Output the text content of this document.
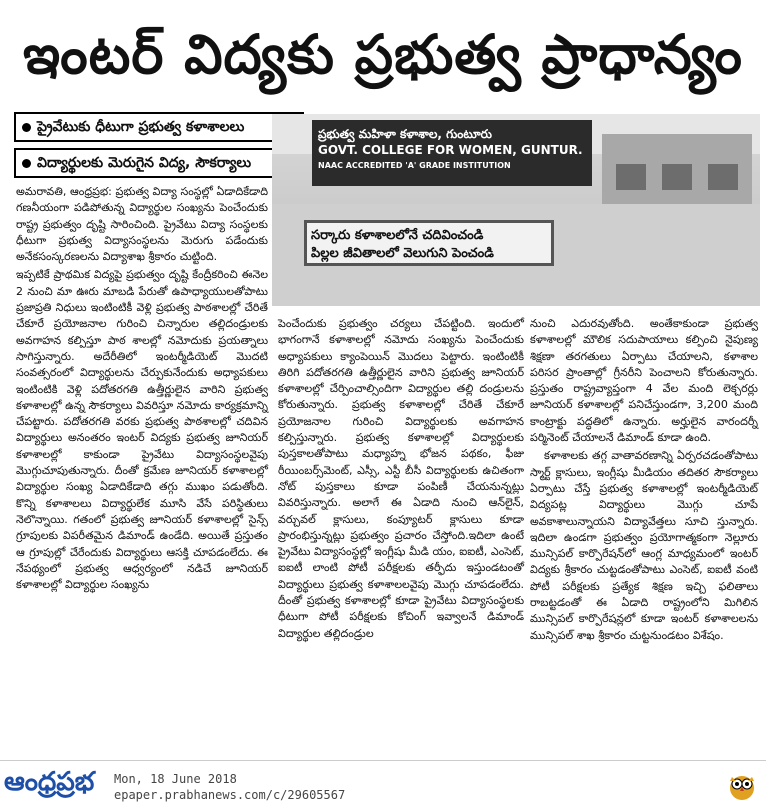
ఇంటర్ విద్యకు ప్రభుత్వ ప్రాధాన్యం
ప్రైవేటుకు ధీటుగా ప్రభుత్వ కళాశాలలు
విద్యార్థులకు మెరుగైన విద్య, సౌకర్యాలు
ప్రభుత్వ మహిళా కళాశాల, గుంటూరు
GOVT. COLLEGE FOR WOMEN, GUNTUR.
NAAC ACCREDITED 'A' GRADE INSTITUTION
సర్కారు కళాశాలలోనే చదివించండి
పిల్లల జీవితాలలో వెలుగుని పెంచండి

అమరావతి, ఆంధ్రప్రభ: ప్రభుత్వ విద్యా సంస్థల్లో ఏడాదికేడాది గణనీయంగా పడిపోతున్న విద్యార్థుల సంఖ్యను పెంచేందుకు రాష్ట్ర ప్రభుత్వం దృష్టి సారించింది. ప్రైవేటు విద్యా సంస్థలకు ధీటుగా ప్రభుత్వ విద్యాసంస్థలను మెరుగు పడేందుకు అనేకసంస్కరణలను విద్యాశాఖ శ్రీకారం చుట్టింది.

ఇప్పటికే ప్రాథమిక విద్యపై ప్రభుత్వం దృష్టి కేంద్రీకరించి ఈనెల 2 నుంచి మా ఊరు మాబడి పేరుతో ఉపాధ్యాయులతోపాటు ప్రజాప్రతి నిధులు ఇంటింటికీ వెళ్లి ప్రభుత్వ పాఠశాలల్లో చేరితే చేకూరే ప్రయోజనాల గురించి చిన్నారుల తల్లిదండ్రులకు అవగాహన కల్పిస్తూ పాఠ శాలల్లో నమోదుకు ప్రయత్నాలు సాగిస్తున్నారు. అదేరీతిలో ఇంటర్మీడియెట్ మొదటి సంవత్సరంలో విద్యార్థులను చేర్పుకునేందుకు అధ్యాపకులు ఇంటింటికి వెళ్లి పదోతరగతి ఉత్తీర్ణులైన వారిని ప్రభుత్వ కళాశాలల్లో ఉన్న సౌకర్యాలు వివరిస్తూ నమోదు కార్యక్రమాన్ని చేపట్టారు. పదోతరగతి వరకు ప్రభుత్వ పాఠశాలల్లో చదివిన విద్యార్థులు అనంతరం ఇంటర్ విద్యకు ప్రభుత్వ జూనియర్ కళాశాలల్లో కాకుండా ప్రైవేటు విద్యాసంస్థలవైపు మొగ్గుచూపుతున్నారు. దీంతో క్రమేణ జూనియర్ కళాశాలల్లో విద్యార్థుల సంఖ్య ఏడాదికేడాది తగ్గు ముఖం పడుతోంది. కొన్ని కళాశాలలు విద్యార్థులేక మూసి వేసే పరిస్థితులు నెలొన్నాయి. గతంలో ప్రభుత్వ జూనియర్ కళాశాలల్లో సైన్స్ గ్రూపులకు విపరీతమైన డిమాండ్ ఉండేది. అయితే ప్రస్తుతం ఆ గ్రూపుల్లో చేరేందుకు విద్యార్థులు ఆసక్తి చూపడంలేదు. ఈ నేపథ్యంలో ప్రభుత్వ ఆధ్వర్యంలో నడిచే జూనియర్ కళాశాలల్లో విద్యార్థుల సంఖ్యను

పెంచేందుకు ప్రభుత్వం చర్యలు చేపట్టింది. ఇందులో భాగంగానే కళాశాలల్లో నమోదు సంఖ్యను పెంచేందుకు అధ్యాపకులు క్యాంపెయిన్ మొదలు పెట్టారు. ఇంటింటికీ తిరిగి పదోతరగతి ఉత్తీర్ణులైన వారిని ప్రభుత్వ జూనియర్ కళాశాలల్లో చేర్పించాల్సిందిగా విద్యార్థుల తల్లి దండ్రులను కోరుతున్నారు. ప్రభుత్వ కళాశాలల్లో చేరితే చేకూరే ప్రయోజనాల గురించి విద్యార్థులకు అవగాహన కల్పిస్తున్నారు. ప్రభుత్వ కళాశాలల్లో విద్యార్థులకు పుస్తకాలతోపాటు మధ్యాహ్న భోజన పథకం, ఫీజు రీయింబర్స్‌మెంట్, ఎస్సీ, ఎస్టీ బీసీ విద్యార్థులకు ఉచితంగా నోట్ పుస్తకాలు కూడా పంపిణీ చేయనున్నట్లు వివరిస్తున్నారు. అలాగే ఈ ఏడాది నుంచి ఆన్‌లైన్, వర్చువల్ క్లాసులు, కంప్యూటర్ క్లాసులు కూడా ప్రారంభిస్తున్నట్లు ప్రభుత్వం ప్రచారం చేస్తోంది.ఇదిలా ఉంటే ప్రైవేటు విద్యాసంస్థల్లో ఇంగ్లీషు మీడి యం, ఐఐటీ, ఎంసెట్, ఐఐటీ లాంటి పోటీ పరీక్షలకు తర్ఫీదు ఇస్తుండటంతో విద్యార్థులు ప్రభుత్వ కళాశాలలవైపు మొగ్గు చూపడంలేదు. దీంతో ప్రభుత్వ కళాశాలల్లో కూడా ప్రైవేటు విద్యాసంస్థలకు ధీటుగా పోటీ పరీక్షలకు కోచింగ్ ఇవ్వాలనే డిమాండ్ విద్యార్థుల తల్లిదండ్రుల

నుంచి ఎదురవుతోంది. అంతేకాకుండా ప్రభుత్వ కళాశాలల్లో మౌలిక సదుపాయాలు కల్పించి నైపుణ్య శిక్షణా తరగతులు ఏర్పాటు చేయాలని, కళాశాల పరిసర ప్రాంతాల్లో గ్రీనరీని పెంచాలని కోరుతున్నారు. ప్రస్తుతం రాష్ట్రవ్యాప్తంగా 4 వేల మంది లెక్చరర్లు జూనియర్ కళాశాలల్లో పనిచేస్తుండగా, 3,200 మంది కాంట్రాక్టు పద్ధతిలో ఉన్నారు. అర్హులైన వారందర్నీ పర్మినెంట్ చేయాలనే డిమాండ్ కూడా ఉంది.

కళాశాలకు తగ్గ వాతావరణాన్ని ఏర్పరచడంతోపాటు స్మార్ట్ క్లాసులు, ఇంగ్లీషు మీడియం తదితర సౌకర్యాలు ఏర్పాటు చేస్తే ప్రభుత్వ కళాశాలల్లో ఇంటర్మీడియెట్ విద్యపట్ల విద్యార్థులు మొగ్గు చూపే అవకాశాలున్నాయని విద్యావేత్తలు సూచి స్తున్నారు. ఇదిలా ఉండగా ప్రభుత్వం ప్రయోగాత్మకంగా నెల్లూరు మున్సిపల్ కార్పొరేషన్‌లో ఆంగ్ల మాధ్యమంలో ఇంటర్ విద్యకు శ్రీకారం చుట్టడంతోపాటు ఎంసెట్, ఐఐటీ వంటి పోటీ పరీక్షలకు ప్రత్యేక శిక్షణ ఇచ్చి ఫలితాలు రాబట్టడంతో ఈ ఏడాది రాష్ట్రంలోని మిగిలిన మున్సిపల్ కార్పొరేషన్లలో కూడా ఇంటర్ కళాశాలలను మున్సిపల్ శాఖ శ్రీకారం చుట్టనుండటం విశేషం.

ఆంధ్రప్రభ Mon, 18 June 2018
epaper.prabhanews.com/c/29605567
